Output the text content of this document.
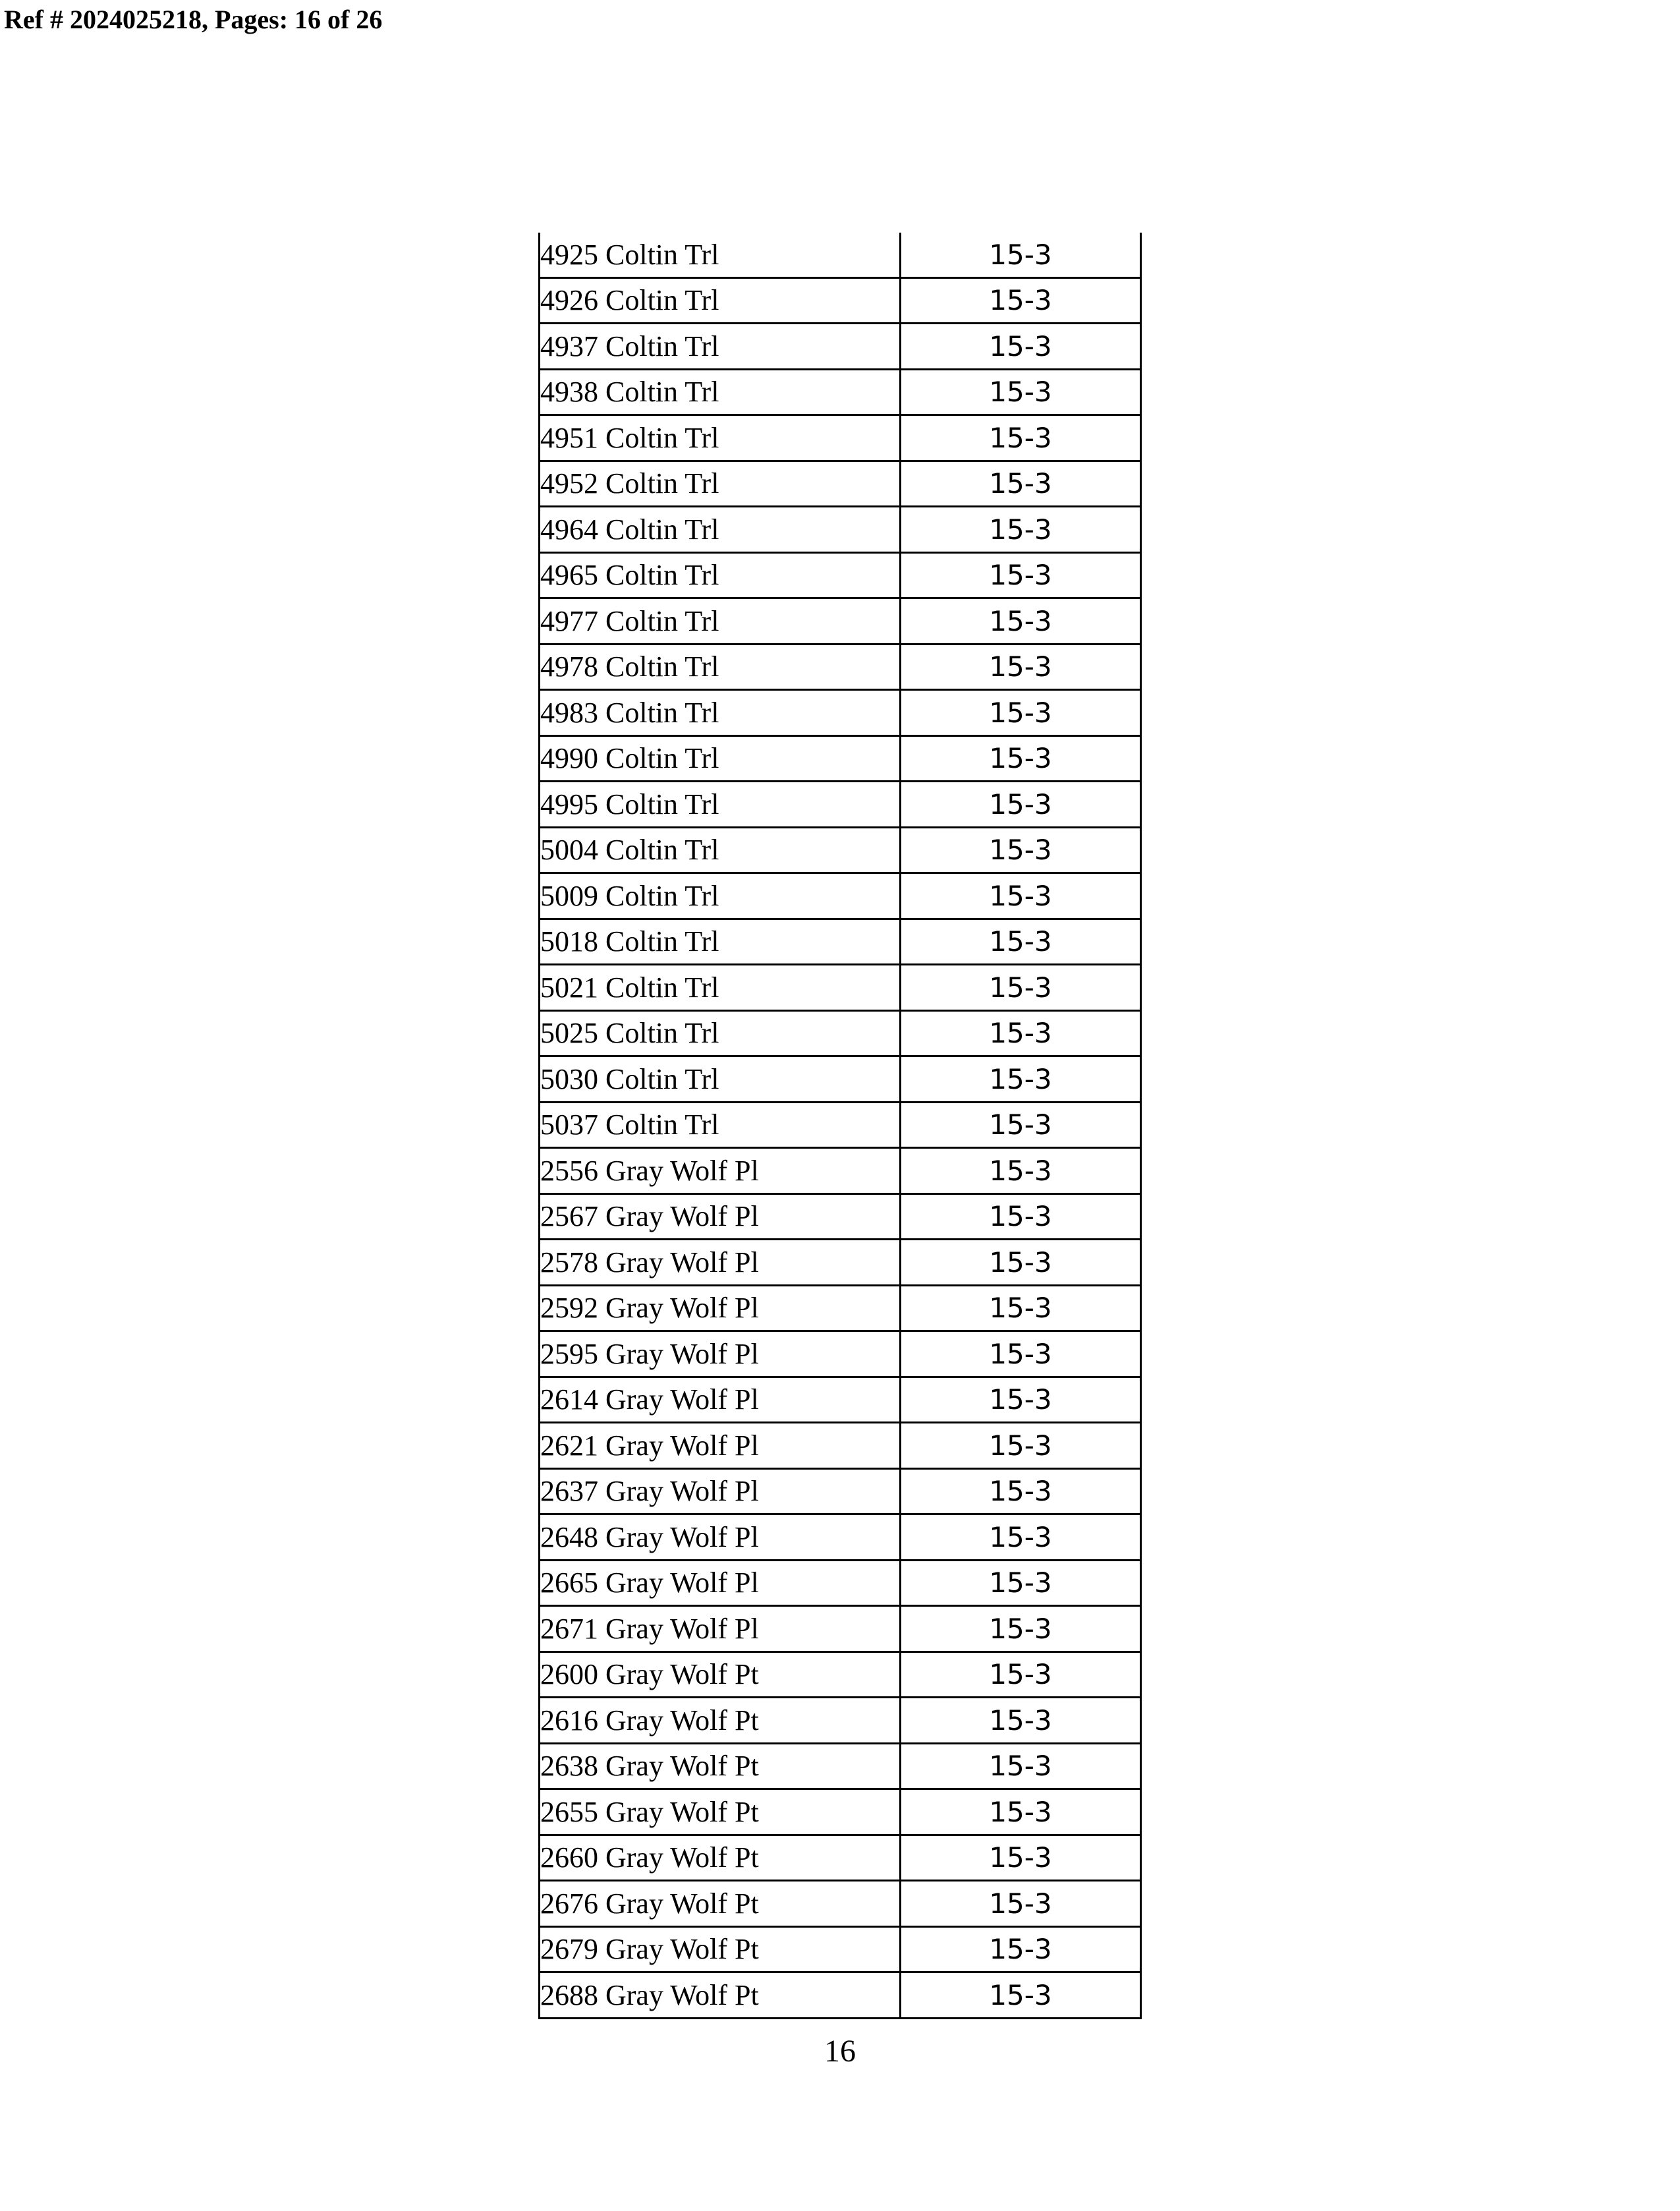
Ref # 2024025218, Pages: 16 of 26
4925 Coltin Trl	15-3
4926 Coltin Trl	15-3
4937 Coltin Trl	15-3
4938 Coltin Trl	15-3
4951 Coltin Trl	15-3
4952 Coltin Trl	15-3
4964 Coltin Trl	15-3
4965 Coltin Trl	15-3
4977 Coltin Trl	15-3
4978 Coltin Trl	15-3
4983 Coltin Trl	15-3
4990 Coltin Trl	15-3
4995 Coltin Trl	15-3
5004 Coltin Trl	15-3
5009 Coltin Trl	15-3
5018 Coltin Trl	15-3
5021 Coltin Trl	15-3
5025 Coltin Trl	15-3
5030 Coltin Trl	15-3
5037 Coltin Trl	15-3
2556 Gray Wolf Pl	15-3
2567 Gray Wolf Pl	15-3
2578 Gray Wolf Pl	15-3
2592 Gray Wolf Pl	15-3
2595 Gray Wolf Pl	15-3
2614 Gray Wolf Pl	15-3
2621 Gray Wolf Pl	15-3
2637 Gray Wolf Pl	15-3
2648 Gray Wolf Pl	15-3
2665 Gray Wolf Pl	15-3
2671 Gray Wolf Pl	15-3
2600 Gray Wolf Pt	15-3
2616 Gray Wolf Pt	15-3
2638 Gray Wolf Pt	15-3
2655 Gray Wolf Pt	15-3
2660 Gray Wolf Pt	15-3
2676 Gray Wolf Pt	15-3
2679 Gray Wolf Pt	15-3
2688 Gray Wolf Pt	15-3
16
